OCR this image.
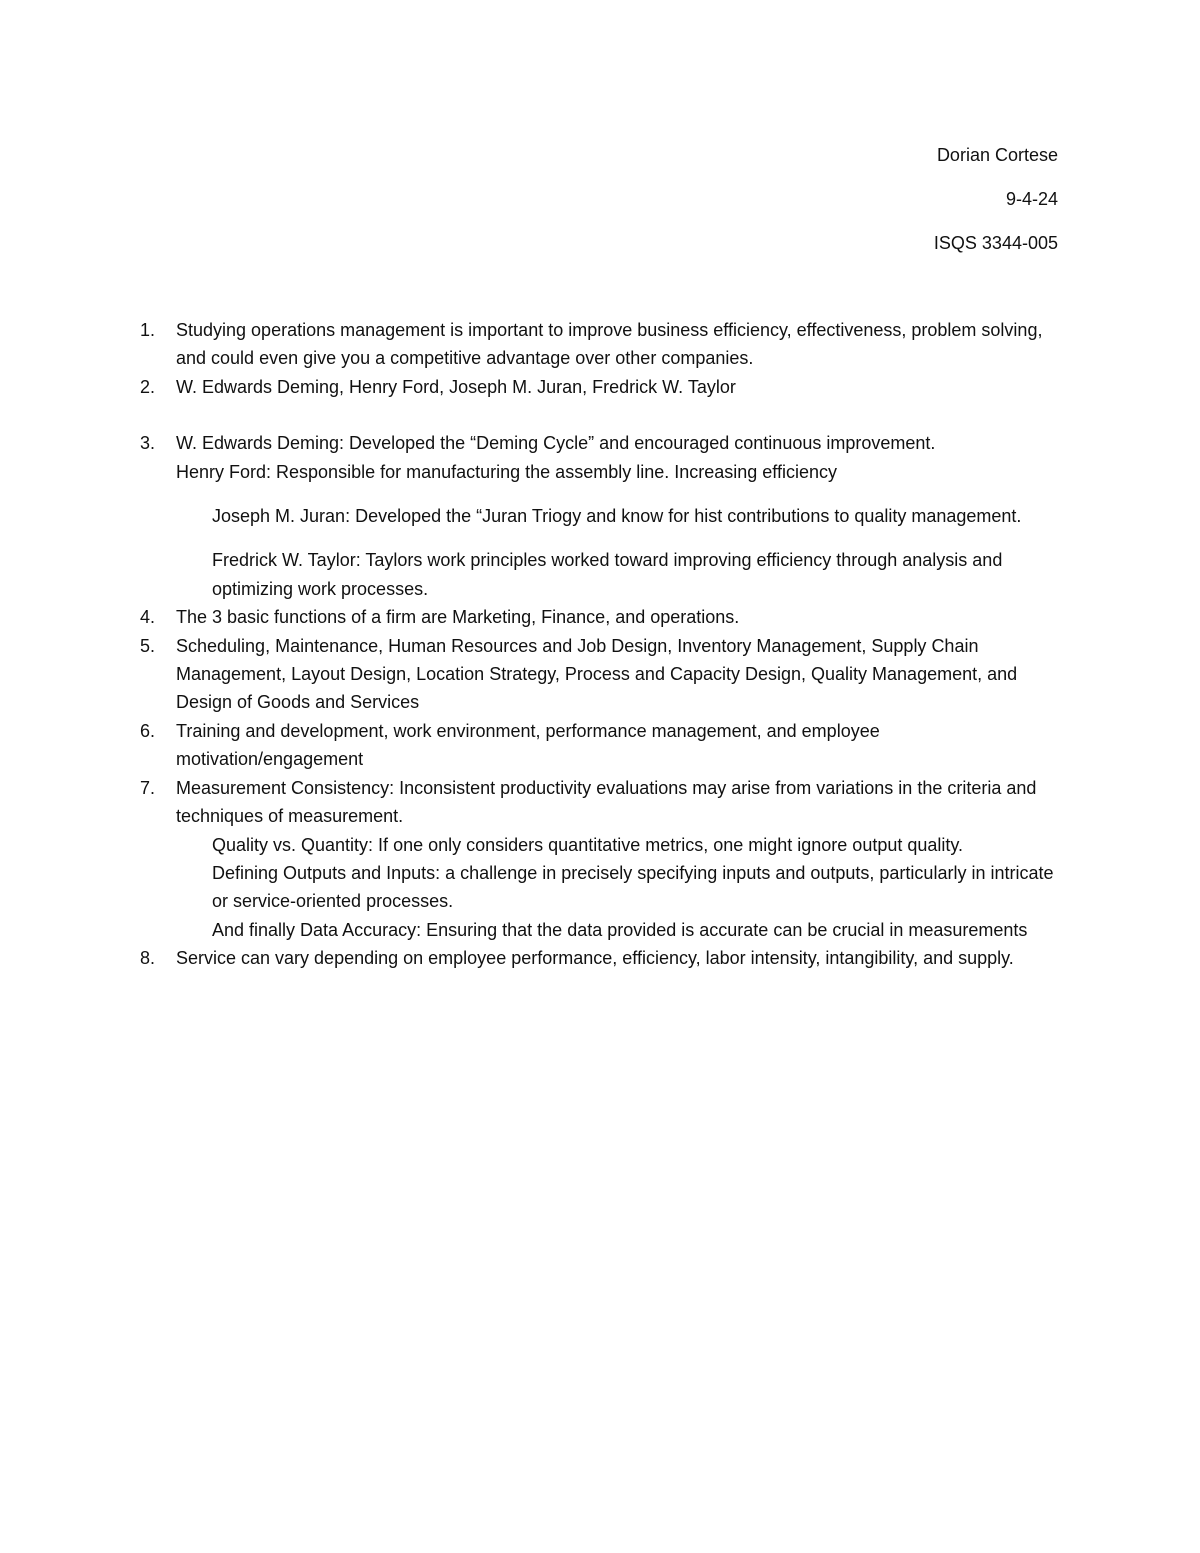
Dorian Cortese
9-4-24
ISQS 3344-005
1.	Studying operations management is important to improve business efficiency, effectiveness, problem solving, and could even give you a competitive advantage over other companies.
2.	W. Edwards Deming, Henry Ford, Joseph M. Juran, Fredrick W. Taylor
3.	W. Edwards Deming: Developed the “Deming Cycle” and encouraged continuous improvement.
Henry Ford: Responsible for manufacturing the assembly line. Increasing efficiency
Joseph M. Juran: Developed the “Juran Triogy and know for hist contributions to quality management.
Fredrick W. Taylor: Taylors work principles worked toward improving efficiency through analysis and optimizing work processes.
4.	The 3 basic functions of a firm are Marketing, Finance, and operations.
5.	Scheduling, Maintenance, Human Resources and Job Design, Inventory Management, Supply Chain Management, Layout Design, Location Strategy, Process and Capacity Design, Quality Management, and Design of Goods and Services
6.	Training and development, work environment, performance management, and employee motivation/engagement
7.	Measurement Consistency: Inconsistent productivity evaluations may arise from variations in the criteria and techniques of measurement.
Quality vs. Quantity: If one only considers quantitative metrics, one might ignore output quality.
Defining Outputs and Inputs: a challenge in precisely specifying inputs and outputs, particularly in intricate or service-oriented processes.
And finally Data Accuracy: Ensuring that the data provided is accurate can be crucial in measurements
8.	Service can vary depending on employee performance, efficiency, labor intensity, intangibility, and supply.
